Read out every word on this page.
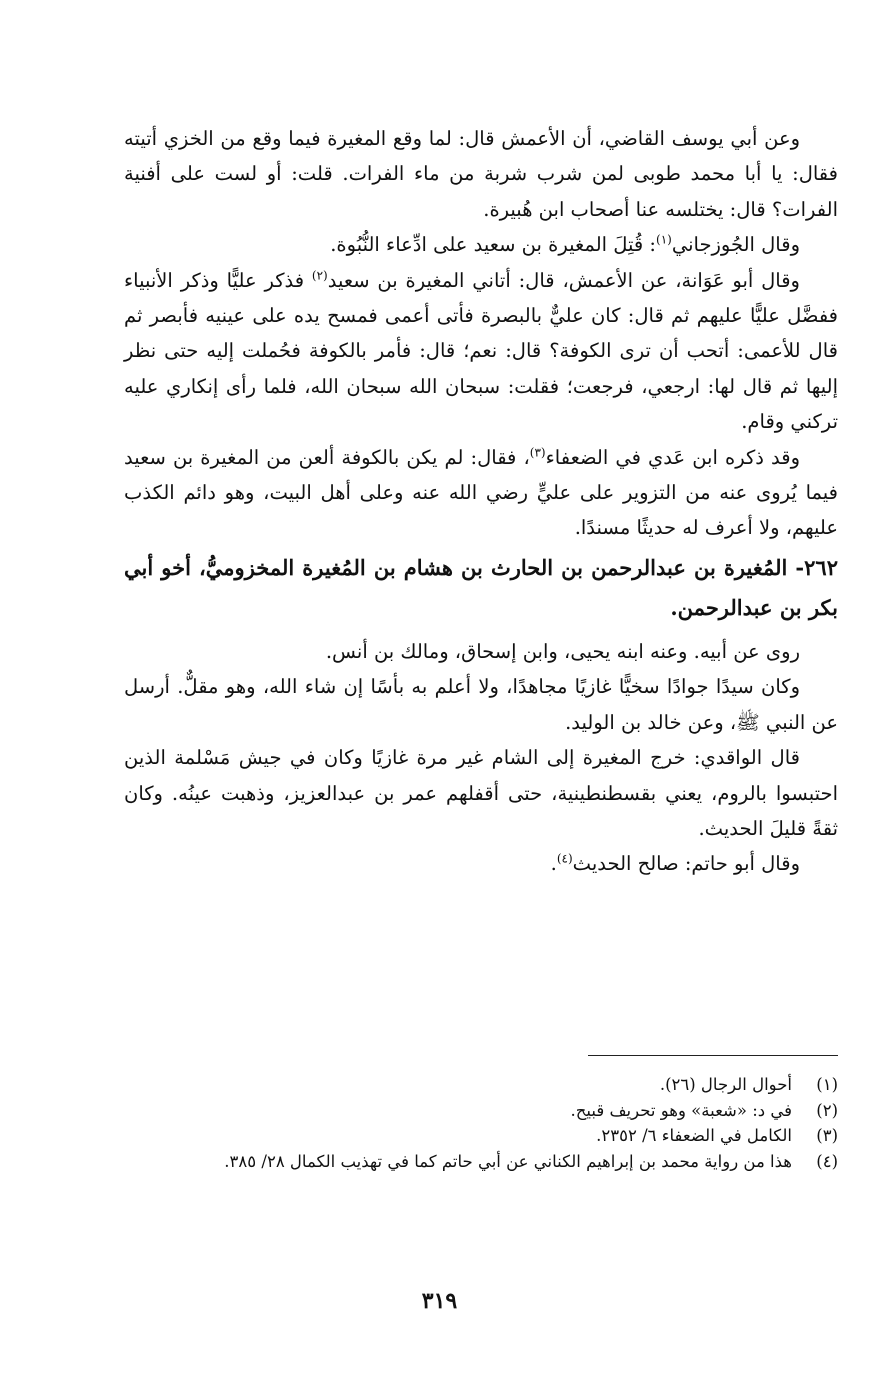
وعن أبي يوسف القاضي، أن الأعمش قال: لما وقع المغيرة فيما وقع من الخزي أتيته فقال: يا أبا محمد طوبى لمن شرب شربة من ماء الفرات. قلت: أو لست على أفنية الفرات؟ قال: يختلسه عنا أصحاب ابن هُبيرة.

وقال الجُوزجاني$^{(١)}$: قُتِلَ المغيرة بن سعيد على ادِّعاء النُّبُوة.

وقال أبو عَوَانة، عن الأعمش، قال: أتاني المغيرة بن سعيد$^{(٢)}$ فذكر عليًّا وذكر الأنبياء ففضَّل عليًّا عليهم ثم قال: كان عليٌّ بالبصرة فأتى أعمى فمسح يده على عينيه فأبصر ثم قال للأعمى: أتحب أن ترى الكوفة؟ قال: نعم؛ قال: فأمر بالكوفة فحُملت إليه حتى نظر إليها ثم قال لها: ارجعي، فرجعت؛ فقلت: سبحان الله سبحان الله، فلما رأى إنكاري عليه تركني وقام.

وقد ذكره ابن عَدي في الضعفاء$^{(٣)}$، فقال: لم يكن بالكوفة ألعن من المغيرة بن سعيد فيما يُروى عنه من التزوير على عليٍّ رضي الله عنه وعلى أهل البيت، وهو دائم الكذب عليهم، ولا أعرف له حديثًا مسندًا.

٢٦٢- المُغيرة بن عبدالرحمن بن الحارث بن هشام بن المُغيرة المخزوميُّ، أخو أبي بكر بن عبدالرحمن.

روى عن أبيه. وعنه ابنه يحيى، وابن إسحاق، ومالك بن أنس.

وكان سيدًا جوادًا سخيًّا غازيًا مجاهدًا، ولا أعلم به بأسًا إن شاء الله، وهو مقلٌّ. أرسل عن النبي ﷺ، وعن خالد بن الوليد.

قال الواقدي: خرج المغيرة إلى الشام غير مرة غازيًا وكان في جيش مَسْلمة الذين احتبسوا بالروم، يعني بقسطنطينية، حتى أقفلهم عمر بن عبدالعزيز، وذهبت عينُه. وكان ثقةً قليلَ الحديث.

وقال أبو حاتم: صالح الحديث$^{(٤)}$.

(١)
أحوال الرجال (٢٦).
(٢)
في د: «شعبة» وهو تحريف قبيح.
(٣)
الكامل في الضعفاء ٦/ ٢٣٥٢.
(٤)
هذا من رواية محمد بن إبراهيم الكناني عن أبي حاتم كما في تهذيب الكمال ٢٨/ ٣٨٥.
٣١٩
